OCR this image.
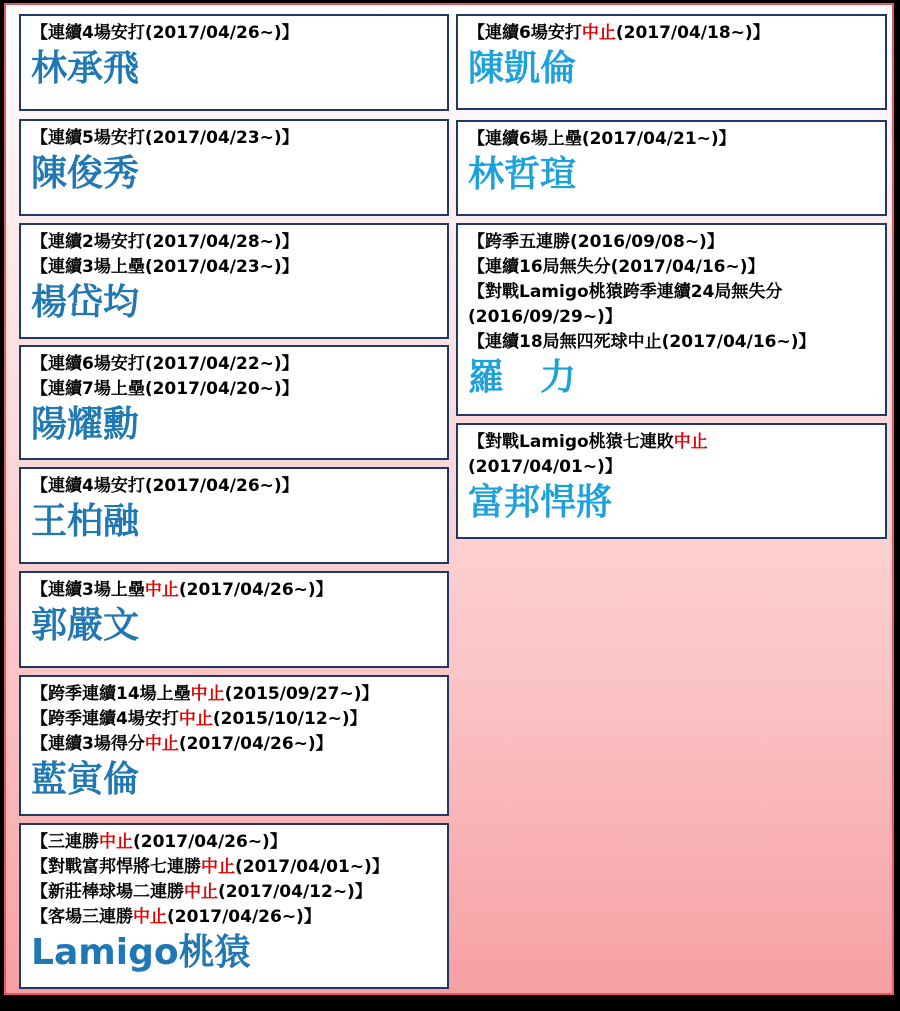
【連續4場安打(2017/04/26~)】
林承飛
【連續5場安打(2017/04/23~)】
陳俊秀
【連續2場安打(2017/04/28~)】
【連續3場上壘(2017/04/23~)】
楊岱均
【連續6場安打(2017/04/22~)】
【連續7場上壘(2017/04/20~)】
陽耀勳
【連續4場安打(2017/04/26~)】
王柏融
【連續3場上壘中止(2017/04/26~)】
郭嚴文
【跨季連續14場上壘中止(2015/09/27~)】
【跨季連續4場安打中止(2015/10/12~)】
【連續3場得分中止(2017/04/26~)】
藍寅倫
【三連勝中止(2017/04/26~)】
【對戰富邦悍將七連勝中止(2017/04/01~)】
【新莊棒球場二連勝中止(2017/04/12~)】
【客場三連勝中止(2017/04/26~)】
Lamigo桃猿
【連續6場安打中止(2017/04/18~)】
陳凱倫
【連續6場上壘(2017/04/21~)】
林哲瑄
【跨季五連勝(2016/09/08~)】
【連續16局無失分(2017/04/16~)】
【對戰Lamigo桃猿跨季連續24局無失分(2016/09/29~)】
【連續18局無四死球中止(2017/04/16~)】
羅　力
【對戰Lamigo桃猿七連敗中止(2017/04/01~)】
富邦悍將
